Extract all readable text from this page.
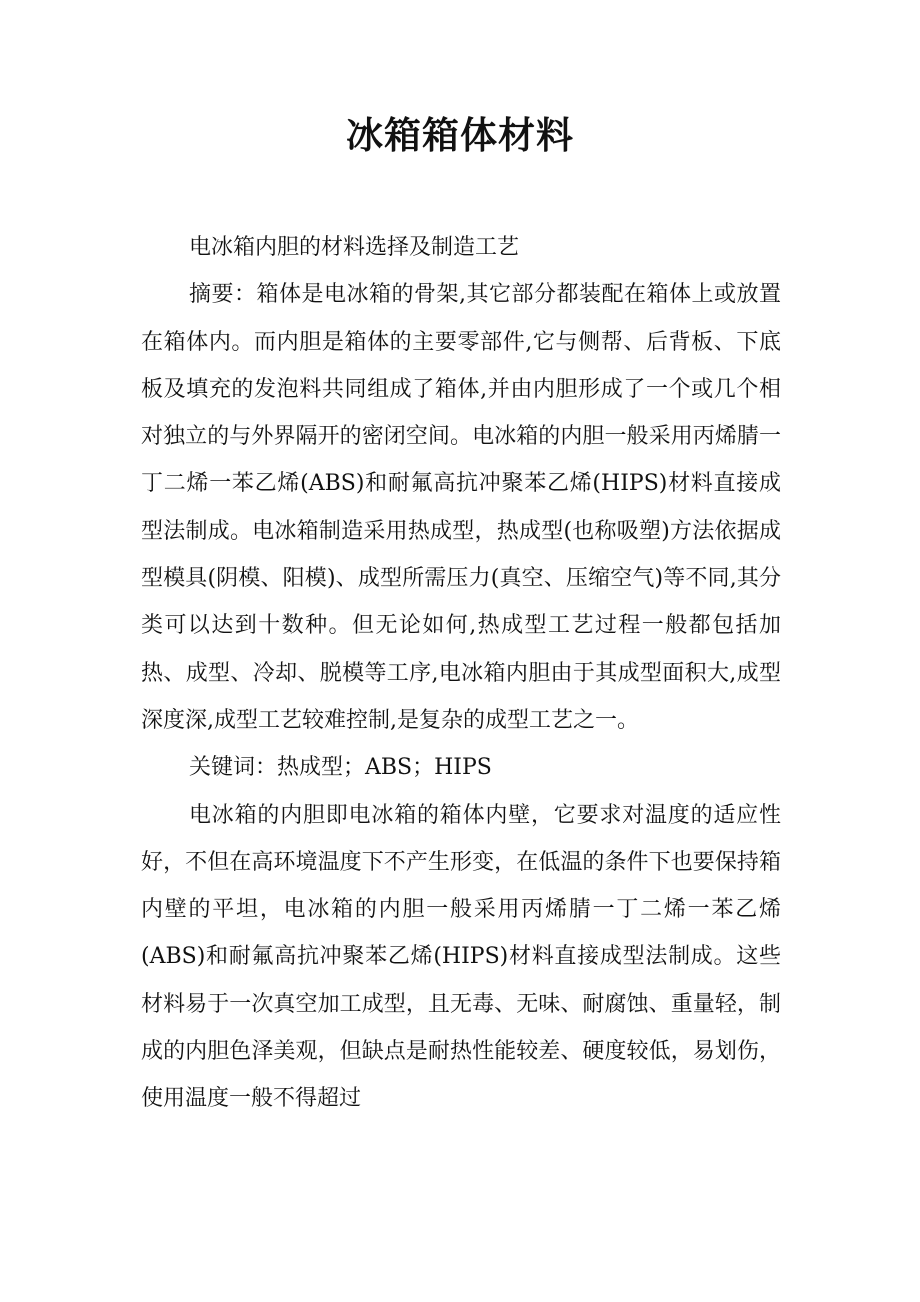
冰箱箱体材料

电冰箱内胆的材料选择及制造工艺

摘要：箱体是电冰箱的骨架,其它部分都装配在箱体上或放置在箱体内。而内胆是箱体的主要零部件,它与侧帮、后背板、下底板及填充的发泡料共同组成了箱体,并由内胆形成了一个或几个相对独立的与外界隔开的密闭空间。电冰箱的内胆一般采用丙烯腈一丁二烯一苯乙烯(ABS)和耐氟高抗冲聚苯乙烯(HIPS)材料直接成型法制成。电冰箱制造采用热成型，热成型(也称吸塑)方法依据成型模具(阴模、阳模)、成型所需压力(真空、压缩空气)等不同,其分类可以达到十数种。但无论如何,热成型工艺过程一般都包括加热、成型、冷却、脱模等工序,电冰箱内胆由于其成型面积大,成型深度深,成型工艺较难控制,是复杂的成型工艺之一。

关键词：热成型；ABS；HIPS

电冰箱的内胆即电冰箱的箱体内壁，它要求对温度的适应性好，不但在高环境温度下不产生形变，在低温的条件下也要保持箱内壁的平坦，电冰箱的内胆一般采用丙烯腈一丁二烯一苯乙烯(ABS)和耐氟高抗冲聚苯乙烯(HIPS)材料直接成型法制成。这些材料易于一次真空加工成型，且无毒、无味、耐腐蚀、重量轻，制成的内胆色泽美观，但缺点是耐热性能较差、硬度较低，易划伤，使用温度一般不得超过
